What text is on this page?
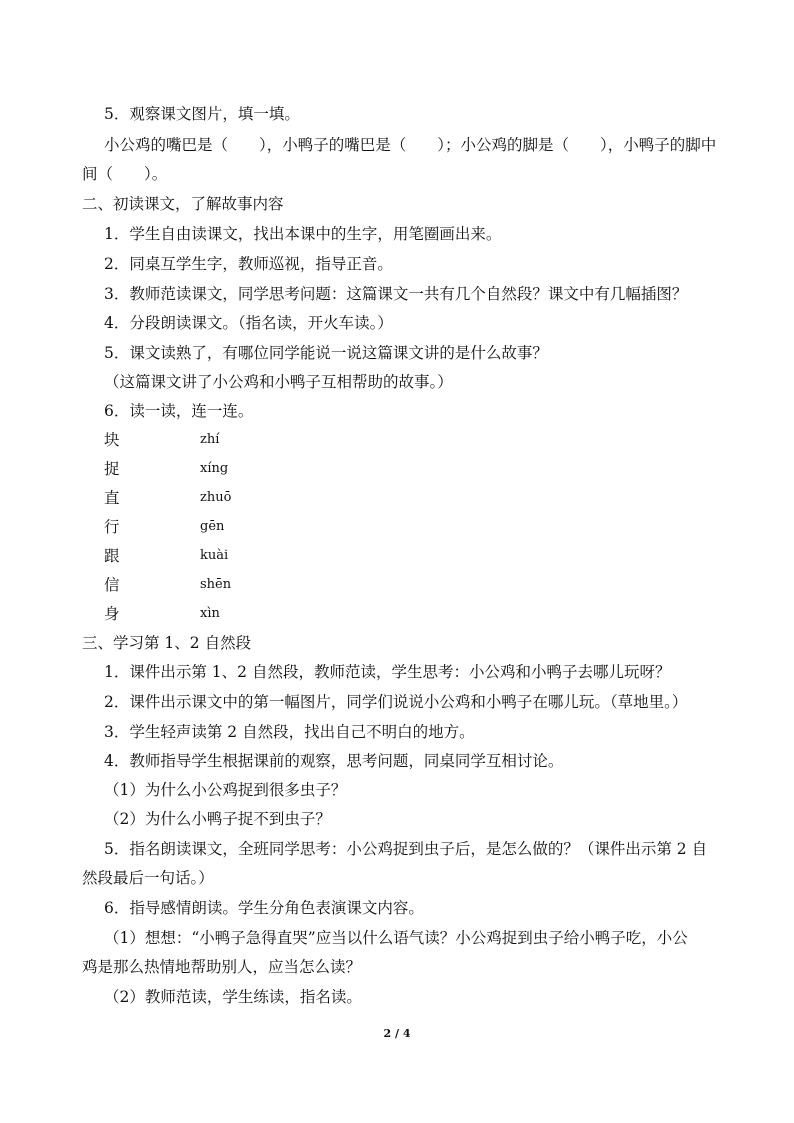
5．观察课文图片，填一填。
小公鸡的嘴巴是（　　），小鸭子的嘴巴是（　　）；小公鸡的脚是（　　），小鸭子的脚中
间（　　）。
二、初读课文，了解故事内容
1．学生自由读课文，找出本课中的生字，用笔圈画出来。
2．同桌互学生字，教师巡视，指导正音。
3．教师范读课文，同学思考问题：这篇课文一共有几个自然段？课文中有几幅插图？
4．分段朗读课文。（指名读，开火车读。）
5．课文读熟了，有哪位同学能说一说这篇课文讲的是什么故事？
（这篇课文讲了小公鸡和小鸭子互相帮助的故事。）
6．读一读，连一连。
块	zhí
捉	xíng
直	zhuō
行	gēn
跟	kuài
信	shēn
身	xìn
三、学习第 1、2 自然段
1．课件出示第 1、2 自然段，教师范读，学生思考：小公鸡和小鸭子去哪儿玩呀？
2．课件出示课文中的第一幅图片，同学们说说小公鸡和小鸭子在哪儿玩。（草地里。）
3．学生轻声读第 2 自然段，找出自己不明白的地方。
4．教师指导学生根据课前的观察，思考问题，同桌同学互相讨论。
（1）为什么小公鸡捉到很多虫子？
（2）为什么小鸭子捉不到虫子？
5．指名朗读课文，全班同学思考：小公鸡捉到虫子后，是怎么做的？（课件出示第 2 自
然段最后一句话。）
6．指导感情朗读。学生分角色表演课文内容。
（1）想想：“小鸭子急得直哭”应当以什么语气读？小公鸡捉到虫子给小鸭子吃，小公
鸡是那么热情地帮助别人，应当怎么读？
（2）教师范读，学生练读，指名读。
2 / 4
